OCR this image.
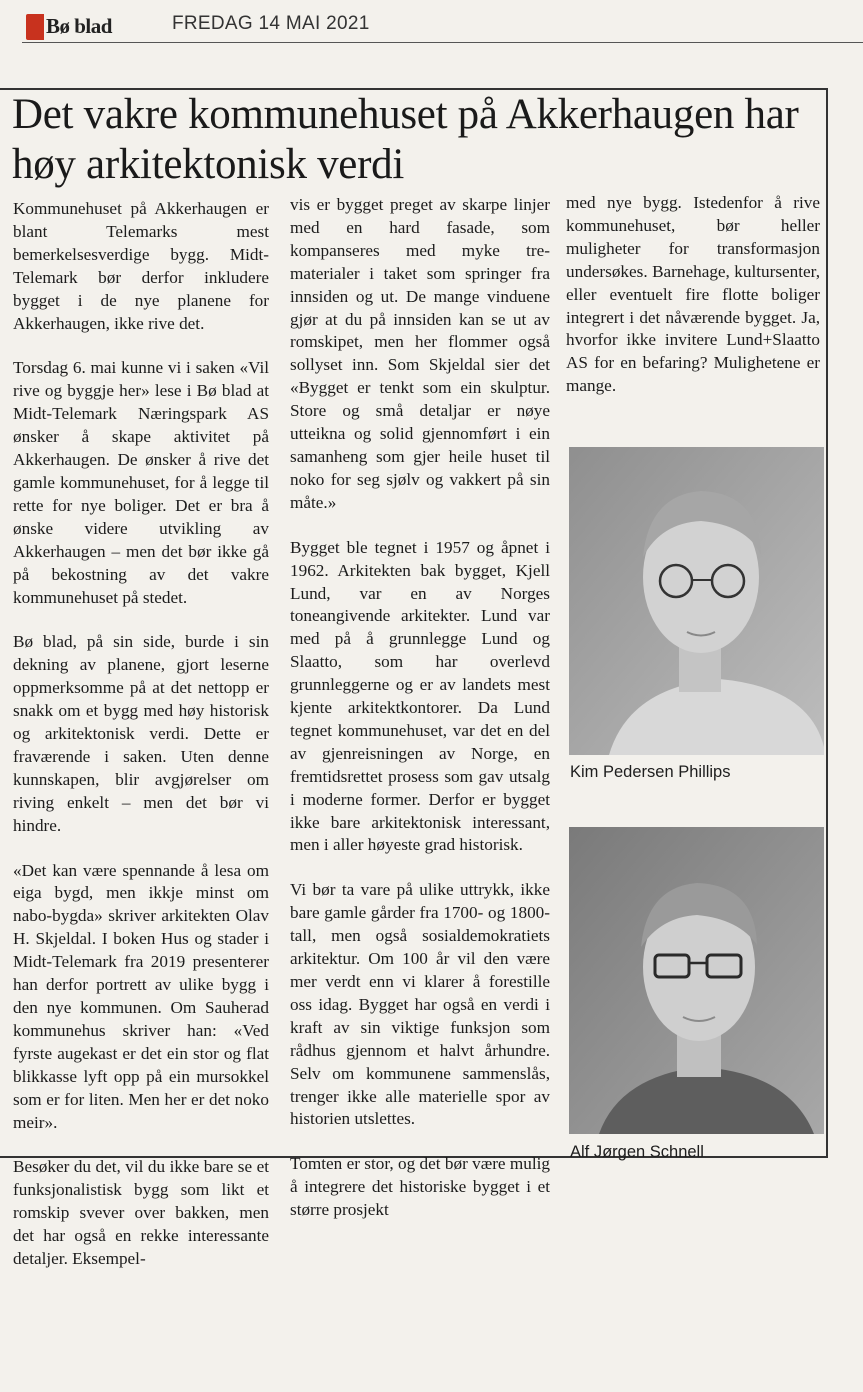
Bø blad	FREDAG 14 MAI 2021
Det vakre kommunehuset på Akkerhaugen har høy arkitektonisk verdi

Kommunehuset på Akkerhaugen er blant Telemarks mest bemerkelsesverdige bygg. Midt-Telemark bør derfor inkludere bygget i de nye planene for Akkerhaugen, ikke rive det.

Torsdag 6. mai kunne vi i saken «Vil rive og byggje her» lese i Bø blad at Midt-Telemark Næringspark AS ønsker å skape aktivitet på Akkerhaugen. De ønsker å rive det gamle kommunehuset, for å legge til rette for nye boliger. Det er bra å ønske videre utvikling av Akkerhaugen – men det bør ikke gå på bekostning av det vakre kommunehuset på stedet.

Bø blad, på sin side, burde i sin dekning av planene, gjort leserne oppmerksomme på at det nettopp er snakk om et bygg med høy historisk og arkitektonisk verdi. Dette er fraværende i saken. Uten denne kunnskapen, blir avgjørelser om riving enkelt – men det bør vi hindre.

«Det kan være spennande å lesa om eiga bygd, men ikkje minst om nabo-bygda» skriver arkitekten Olav H. Skjeldal. I boken Hus og stader i Midt-Telemark fra 2019 presenterer han derfor portrett av ulike bygg i den nye kommunen. Om Sauherad kommunehus skriver han: «Ved fyrste augekast er det ein stor og flat blikkasse lyft opp på ein mursokkel som er for liten. Men her er det noko meir».

Besøker du det, vil du ikke bare se et funksjonalistisk bygg som likt et romskip svever over bakken, men det har også en rekke interessante detaljer. Eksempel-

vis er bygget preget av skarpe linjer med en hard fasade, som kompanseres med myke tre-materialer i taket som springer fra innsiden og ut. De mange vinduene gjør at du på innsiden kan se ut av romskipet, men her flommer også sollyset inn. Som Skjeldal sier det «Bygget er tenkt som ein skulptur. Store og små detaljar er nøye utteikna og solid gjennomført i ein samanheng som gjer heile huset til noko for seg sjølv og vakkert på sin måte.»

Bygget ble tegnet i 1957 og åpnet i 1962. Arkitekten bak bygget, Kjell Lund, var en av Norges toneangivende arkitekter. Lund var med på å grunnlegge Lund og Slaatto, som har overlevd grunnleggerne og er av landets mest kjente arkitektkontorer. Da Lund tegnet kommunehuset, var det en del av gjenreisningen av Norge, en fremtidsrettet prosess som gav utsalg i moderne former. Derfor er bygget ikke bare arkitektonisk interessant, men i aller høyeste grad historisk.

Vi bør ta vare på ulike uttrykk, ikke bare gamle gårder fra 1700- og 1800-tall, men også sosialdemokratiets arkitektur. Om 100 år vil den være mer verdt enn vi klarer å forestille oss idag. Bygget har også en verdi i kraft av sin viktige funksjon som rådhus gjennom et halvt århundre. Selv om kommunene sammenslås, trenger ikke alle materielle spor av historien utslettes.

Tomten er stor, og det bør være mulig å integrere det historiske bygget i et større prosjekt

med nye bygg. Istedenfor å rive kommunehuset, bør heller muligheter for transformasjon undersøkes. Barnehage, kultursenter, eller eventuelt fire flotte boliger integrert i det nåværende bygget. Ja, hvorfor ikke invitere Lund+Slaatto AS for en befaring? Mulighetene er mange.

Kim Pedersen Phillips
Alf Jørgen Schnell
